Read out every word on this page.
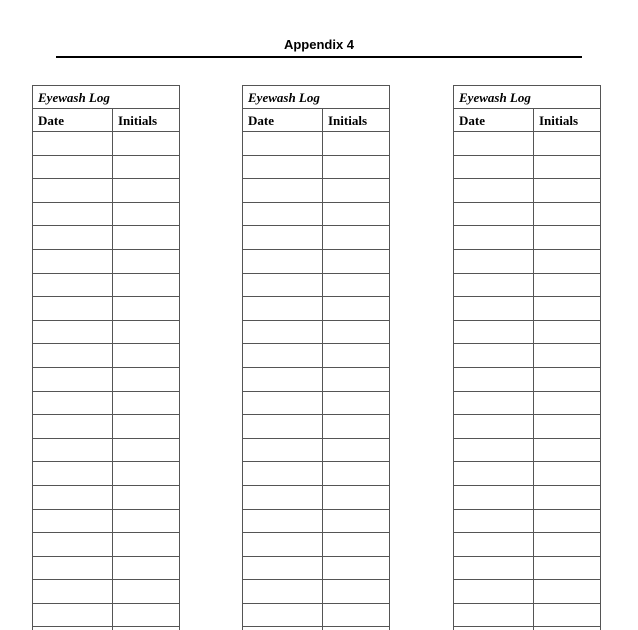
Appendix 4
Eyewash Log
Date	Initials
Eyewash Log
Date	Initials
Eyewash Log
Date	Initials
